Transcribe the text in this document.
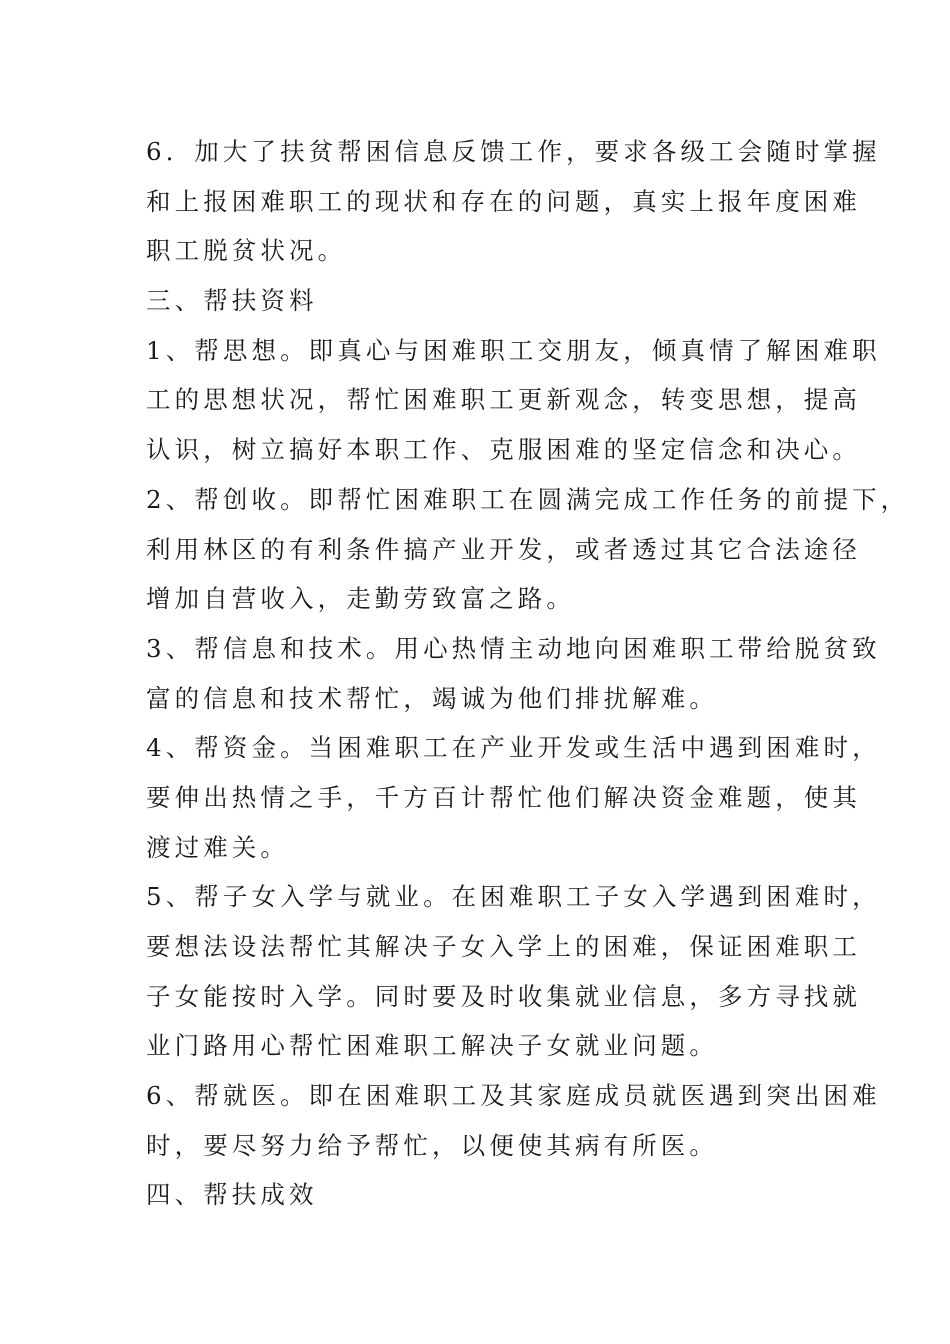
6．加大了扶贫帮困信息反馈工作，要求各级工会随时掌握
和上报困难职工的现状和存在的问题，真实上报年度困难
职工脱贫状况。
三、帮扶资料
1、帮思想。即真心与困难职工交朋友，倾真情了解困难职
工的思想状况，帮忙困难职工更新观念，转变思想，提高
认识，树立搞好本职工作、克服困难的坚定信念和决心。
2、帮创收。即帮忙困难职工在圆满完成工作任务的前提下，
利用林区的有利条件搞产业开发，或者透过其它合法途径
增加自营收入，走勤劳致富之路。
3、帮信息和技术。用心热情主动地向困难职工带给脱贫致
富的信息和技术帮忙，竭诚为他们排扰解难。
4、帮资金。当困难职工在产业开发或生活中遇到困难时，
要伸出热情之手，千方百计帮忙他们解决资金难题，使其
渡过难关。
5、帮子女入学与就业。在困难职工子女入学遇到困难时，
要想法设法帮忙其解决子女入学上的困难，保证困难职工
子女能按时入学。同时要及时收集就业信息，多方寻找就
业门路用心帮忙困难职工解决子女就业问题。
6、帮就医。即在困难职工及其家庭成员就医遇到突出困难
时，要尽努力给予帮忙，以便使其病有所医。
四、帮扶成效
